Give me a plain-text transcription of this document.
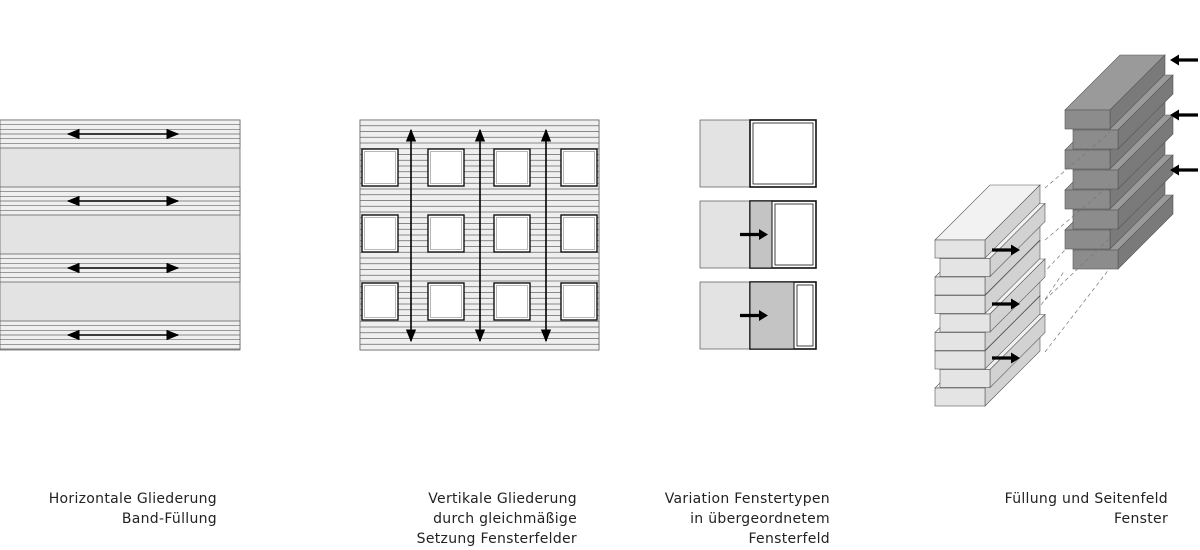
Horizontale Gliederung
Band-Füllung
Vertikale Gliederung
durch gleichmäßige
Setzung Fensterfelder
Variation Fenstertypen
in übergeordnetem
Fensterfeld
Füllung und Seitenfeld
Fenster
